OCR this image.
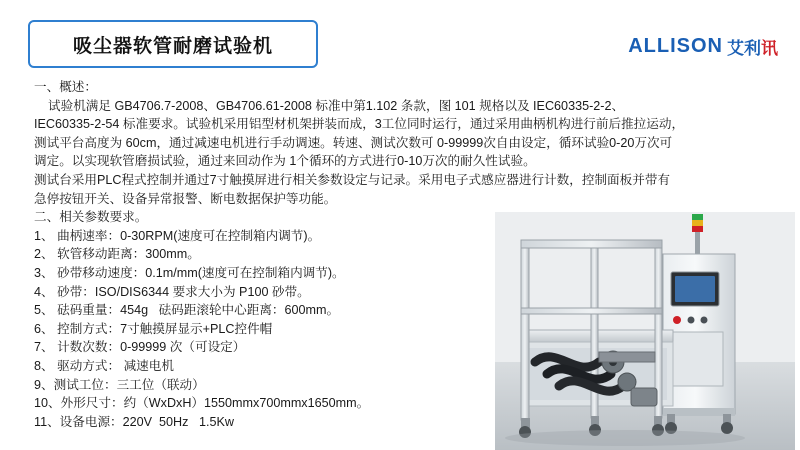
吸尘器软管耐磨试验机	ALLISON 艾利讯

一、概述：

试验机满足 GB4706.7-2008、GB4706.61-2008 标准中第1.102 条款，图 101 规格以及 IEC60335-2-2、

IEC60335-2-54 标准要求。试验机采用铝型材机架拼装而成，3工位同时运行，通过采用曲柄机构进行前后推拉运动，

测试平台高度为 60cm，通过减速电机进行手动调速。转速、测试次数可 0-99999次自由设定，循环试验0-20万次可

调定。以实现软管磨损试验，通过来回动作为 1个循环的方式进行0-10万次的耐久性试验。

测试台采用PLC程式控制并通过7寸触摸屏进行相关参数设定与记录。采用电子式感应器进行计数，控制面板并带有

急停按钮开关、设备异常报警、断电数据保护等功能。

二、相关参数要求。

1、 曲柄速率：0-30RPM(速度可在控制箱内调节)。

2、 软管移动距离：300mm。

3、 砂带移动速度：0.1m/mm(速度可在控制箱内调节)。

4、 砂带：ISO/DIS6344 要求大小为 P100 砂带。

5、 砝码重量：454g   砝码距滚轮中心距离：600mm。

6、 控制方式：7寸触摸屏显示+PLC控件帽

7、 计数次数：0-99999 次（可设定）

8、 驱动方式： 减速电机

9、测试工位：三工位（联动）

10、外形尺寸：约（WxDxH）1550mmx700mmx1650mm。

11、设备电源：220V  50Hz   1.5Kw
